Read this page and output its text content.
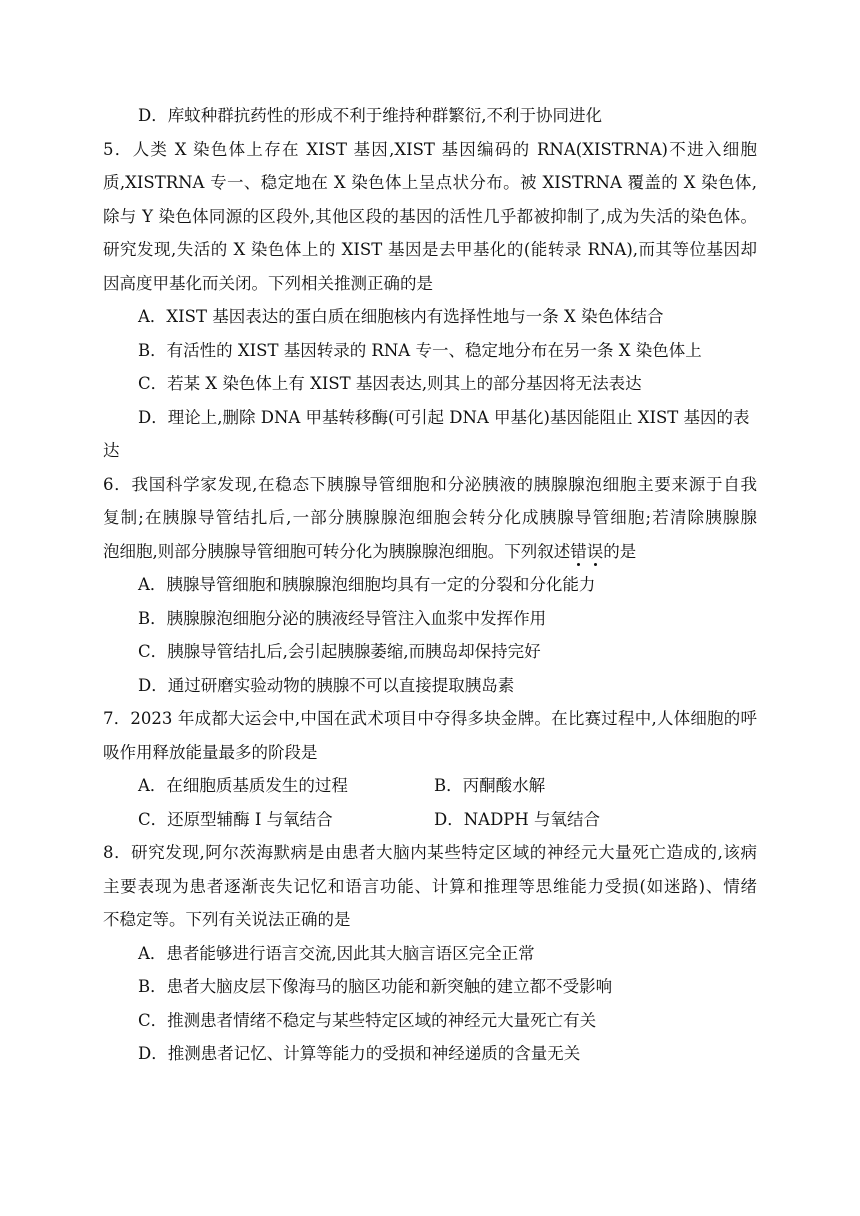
D．库蚊种群抗药性的形成不利于维持种群繁衍,不利于协同进化
5．人类 X 染色体上存在 XIST 基因,XIST 基因编码的 RNA(XISTRNA)不进入细胞
质,XISTRNA 专一、稳定地在 X 染色体上呈点状分布。被 XISTRNA 覆盖的 X 染色体,
除与 Y 染色体同源的区段外,其他区段的基因的活性几乎都被抑制了,成为失活的染色体。
研究发现,失活的 X 染色体上的 XIST 基因是去甲基化的(能转录 RNA),而其等位基因却
因高度甲基化而关闭。下列相关推测正确的是
A．XIST 基因表达的蛋白质在细胞核内有选择性地与一条 X 染色体结合
B．有活性的 XIST 基因转录的 RNA 专一、稳定地分布在另一条 X 染色体上
C．若某 X 染色体上有 XIST 基因表达,则其上的部分基因将无法表达
D．理论上,删除 DNA 甲基转移酶(可引起 DNA 甲基化)基因能阻止 XIST 基因的表
达
6．我国科学家发现,在稳态下胰腺导管细胞和分泌胰液的胰腺腺泡细胞主要来源于自我
复制;在胰腺导管结扎后,一部分胰腺腺泡细胞会转分化成胰腺导管细胞;若清除胰腺腺
泡细胞,则部分胰腺导管细胞可转分化为胰腺腺泡细胞。下列叙述错误的是
A．胰腺导管细胞和胰腺腺泡细胞均具有一定的分裂和分化能力
B．胰腺腺泡细胞分泌的胰液经导管注入血浆中发挥作用
C．胰腺导管结扎后,会引起胰腺萎缩,而胰岛却保持完好
D．通过研磨实验动物的胰腺不可以直接提取胰岛素
7．2023 年成都大运会中,中国在武术项目中夺得多块金牌。在比赛过程中,人体细胞的呼
吸作用释放能量最多的阶段是
A．在细胞质基质发生的过程	B．丙酮酸水解
C．还原型辅酶 I 与氧结合	D．NADPH 与氧结合
8．研究发现,阿尔茨海默病是由患者大脑内某些特定区域的神经元大量死亡造成的,该病
主要表现为患者逐渐丧失记忆和语言功能、计算和推理等思维能力受损(如迷路)、情绪
不稳定等。下列有关说法正确的是
A．患者能够进行语言交流,因此其大脑言语区完全正常
B．患者大脑皮层下像海马的脑区功能和新突触的建立都不受影响
C．推测患者情绪不稳定与某些特定区域的神经元大量死亡有关
D．推测患者记忆、计算等能力的受损和神经递质的含量无关
